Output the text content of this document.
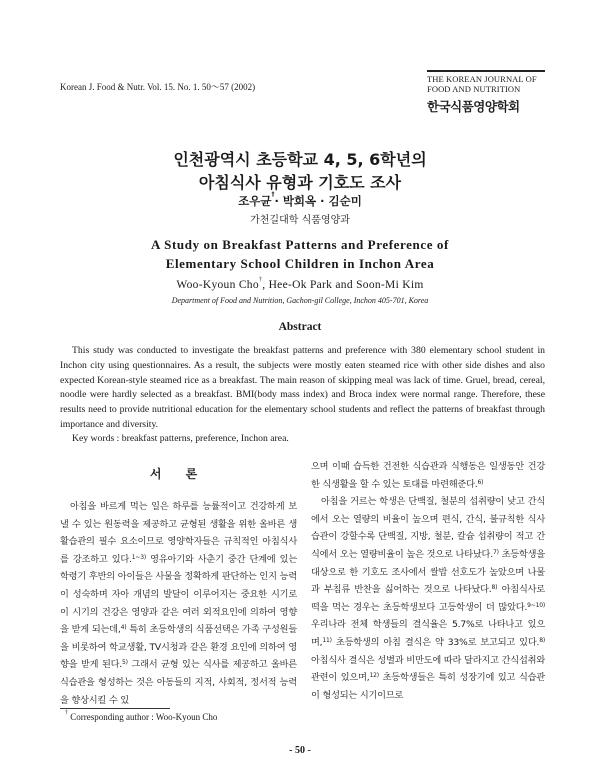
Korean J. Food & Nutr. Vol. 15. No. 1. 50～57 (2002)
THE KOREAN JOURNAL OF
FOOD AND NUTRITION
한국식품영양학회
인천광역시 초등학교 4, 5, 6학년의
아침식사 유형과 기호도 조사
조우균†· 박희옥 · 김순미
가천길대학 식품영양과
A Study on Breakfast Patterns and Preference of
Elementary School Children in Inchon Area
Woo-Kyoun Cho†, Hee-Ok Park and Soon-Mi Kim
Department of Food and Nutrition, Gachon-gil College, Inchon 405-701, Korea
Abstract

This study was conducted to investigate the breakfast patterns and preference with 380 elementary school student in Inchon city using questionnaires. As a result, the subjects were mostly eaten steamed rice with other side dishes and also expected Korean-style steamed rice as a breakfast. The main reason of skipping meal was lack of time. Gruel, bread, cereal, noodle were hardly selected as a breakfast. BMI(body mass index) and Broca index were normal range. Therefore, these results need to provide nutritional education for the elementary school students and reflect the patterns of breakfast through importance and diversity.

Key words : breakfast patterns, preference, Inchon area.
서 론

아침을 바르게 먹는 일은 하루를 능률적이고 건강하게 보낼 수 있는 원동력을 제공하고 균형된 생활을 위한 올바른 생활습관의 필수 요소이므로 영양학자들은 규칙적인 아침식사를 강조하고 있다.$^{1\sim 3)}$ 영유아기와 사춘기 중간 단계에 있는 학령기 후반의 아이들은 사물을 정확하게 판단하는 인지 능력이 성숙하며 자아 개념의 발달이 이루어지는 중요한 시기로 이 시기의 건강은 영양과 같은 여러 외적요인에 의하여 영향을 받게 되는데,$^{4)}$ 특히 초등학생의 식품선택은 가족 구성원들을 비롯하여 학교생활, TV시청과 같은 환경 요인에 의하여 영향을 받게 된다.$^{5)}$ 그래서 균형 있는 식사를 제공하고 올바른 식습관을 형성하는 것은 아동들의 지적, 사회적, 정서적 능력을 향상시킬 수 있

으며 이때 습득한 건전한 식습관과 식행동은 일생동안 건강한 식생활을 할 수 있는 토대를 마련해준다.$^{6)}$

아침을 거르는 학생은 단백질, 철분의 섭취량이 낮고 간식에서 오는 열량의 비율이 높으며 편식, 간식, 불규칙한 식사 습관이 강할수록 단백질, 지방, 철분, 칼슘 섭취량이 적고 간식에서 오는 열량비율이 높은 것으로 나타났다.$^{7)}$ 초등학생을 대상으로 한 기호도 조사에서 쌀밥 선호도가 높았으며 나물과 부침류 반찬을 싫어하는 것으로 나타났다.$^{8)}$ 아침식사로 떡을 먹는 경우는 초등학생보다 고등학생이 더 많았다.$^{9\sim 10)}$ 우리나라 전체 학생들의 결식율은 5.7%로 나타나고 있으며,$^{11)}$ 초등학생의 아침 결식은 약 33%로 보고되고 있다.$^{8)}$ 아침식사 결식은 성별과 비만도에 따라 달라지고 간식섭취와 관련이 있으며,$^{12)}$ 초등학생들은 특히 성장기에 있고 식습관이 형성되는 시기이므로

† Corresponding author : Woo-Kyoun Cho
- 50 -
